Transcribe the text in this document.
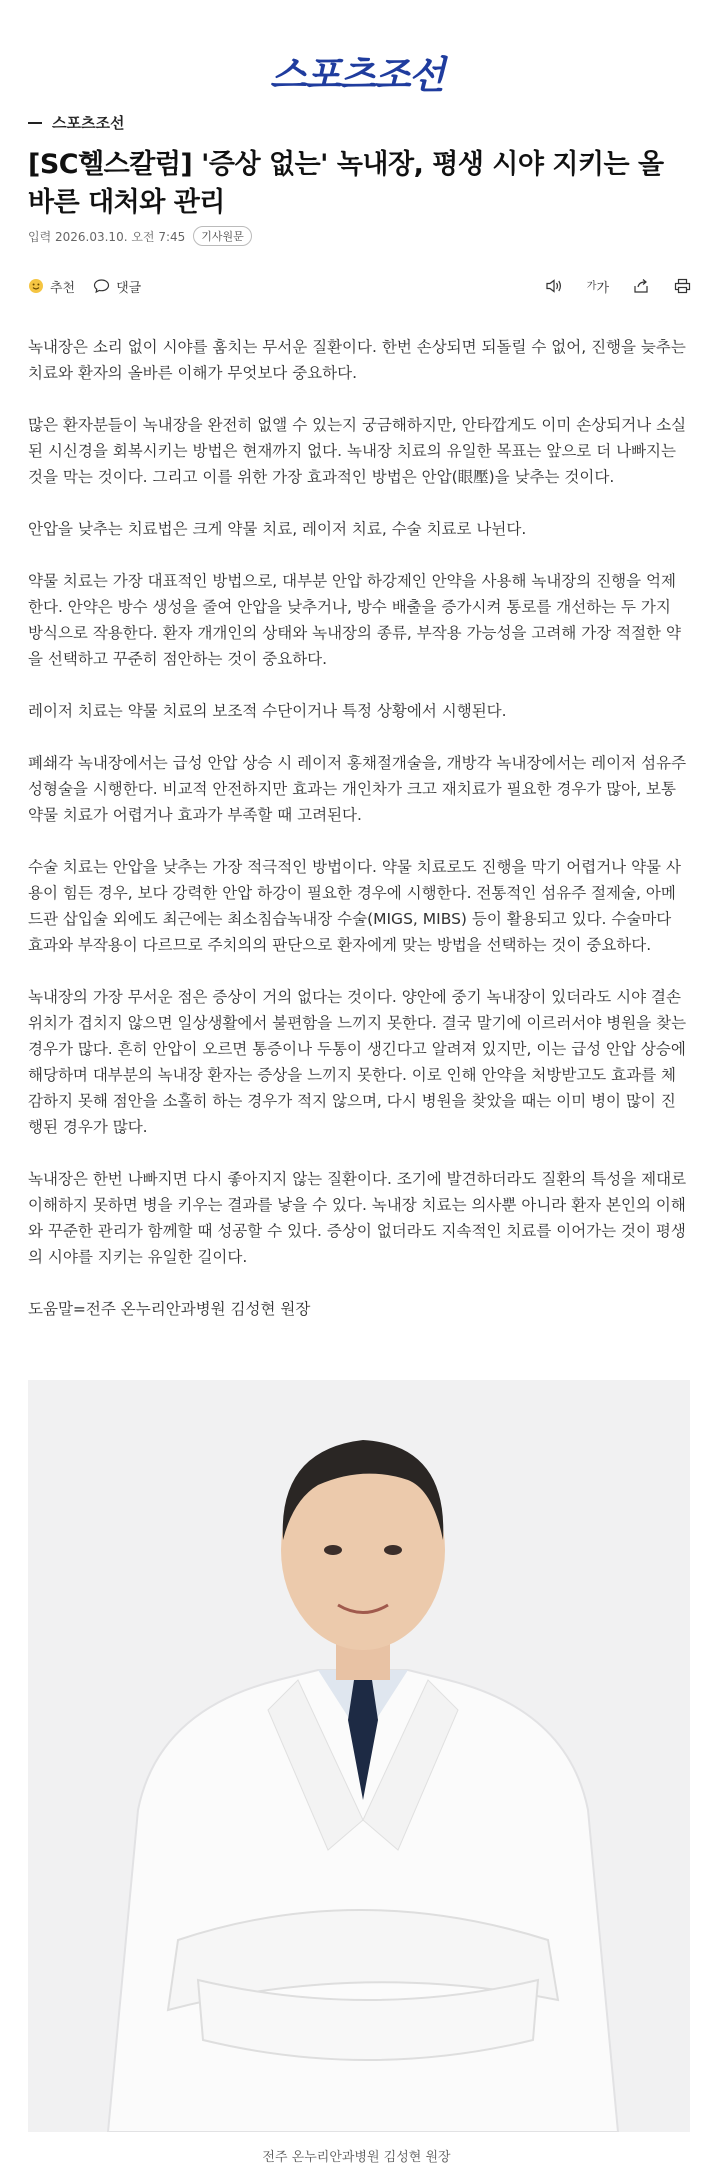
스포츠조선
스포츠조선
[SC헬스칼럼] '증상 없는' 녹내장, 평생 시야 지키는 올바른 대처와 관리
입력 2026.03.10. 오전 7:45	기사원문
추천	댓글	가 가

녹내장은 소리 없이 시야를 훔치는 무서운 질환이다. 한번 손상되면 되돌릴 수 없어, 진행을 늦추는 치료와 환자의 올바른 이해가 무엇보다 중요하다.

많은 환자분들이 녹내장을 완전히 없앨 수 있는지 궁금해하지만, 안타깝게도 이미 손상되거나 소실된 시신경을 회복시키는 방법은 현재까지 없다. 녹내장 치료의 유일한 목표는 앞으로 더 나빠지는 것을 막는 것이다. 그리고 이를 위한 가장 효과적인 방법은 안압(眼壓)을 낮추는 것이다.

안압을 낮추는 치료법은 크게 약물 치료, 레이저 치료, 수술 치료로 나뉜다.

약물 치료는 가장 대표적인 방법으로, 대부분 안압 하강제인 안약을 사용해 녹내장의 진행을 억제한다. 안약은 방수 생성을 줄여 안압을 낮추거나, 방수 배출을 증가시켜 통로를 개선하는 두 가지 방식으로 작용한다. 환자 개개인의 상태와 녹내장의 종류, 부작용 가능성을 고려해 가장 적절한 약을 선택하고 꾸준히 점안하는 것이 중요하다.

레이저 치료는 약물 치료의 보조적 수단이거나 특정 상황에서 시행된다.

폐쇄각 녹내장에서는 급성 안압 상승 시 레이저 홍채절개술을, 개방각 녹내장에서는 레이저 섬유주성형술을 시행한다. 비교적 안전하지만 효과는 개인차가 크고 재치료가 필요한 경우가 많아, 보통 약물 치료가 어렵거나 효과가 부족할 때 고려된다.

수술 치료는 안압을 낮추는 가장 적극적인 방법이다. 약물 치료로도 진행을 막기 어렵거나 약물 사용이 힘든 경우, 보다 강력한 안압 하강이 필요한 경우에 시행한다. 전통적인 섬유주 절제술, 아메드관 삽입술 외에도 최근에는 최소침습녹내장 수술(MIGS, MIBS) 등이 활용되고 있다. 수술마다 효과와 부작용이 다르므로 주치의의 판단으로 환자에게 맞는 방법을 선택하는 것이 중요하다.

녹내장의 가장 무서운 점은 증상이 거의 없다는 것이다. 양안에 중기 녹내장이 있더라도 시야 결손 위치가 겹치지 않으면 일상생활에서 불편함을 느끼지 못한다. 결국 말기에 이르러서야 병원을 찾는 경우가 많다. 흔히 안압이 오르면 통증이나 두통이 생긴다고 알려져 있지만, 이는 급성 안압 상승에 해당하며 대부분의 녹내장 환자는 증상을 느끼지 못한다. 이로 인해 안약을 처방받고도 효과를 체감하지 못해 점안을 소홀히 하는 경우가 적지 않으며, 다시 병원을 찾았을 때는 이미 병이 많이 진행된 경우가 많다.

녹내장은 한번 나빠지면 다시 좋아지지 않는 질환이다. 조기에 발견하더라도 질환의 특성을 제대로 이해하지 못하면 병을 키우는 결과를 낳을 수 있다. 녹내장 치료는 의사뿐 아니라 환자 본인의 이해와 꾸준한 관리가 함께할 때 성공할 수 있다. 증상이 없더라도 지속적인 치료를 이어가는 것이 평생의 시야를 지키는 유일한 길이다.

도움말=전주 온누리안과병원 김성현 원장

전주 온누리안과병원 김성현 원장
